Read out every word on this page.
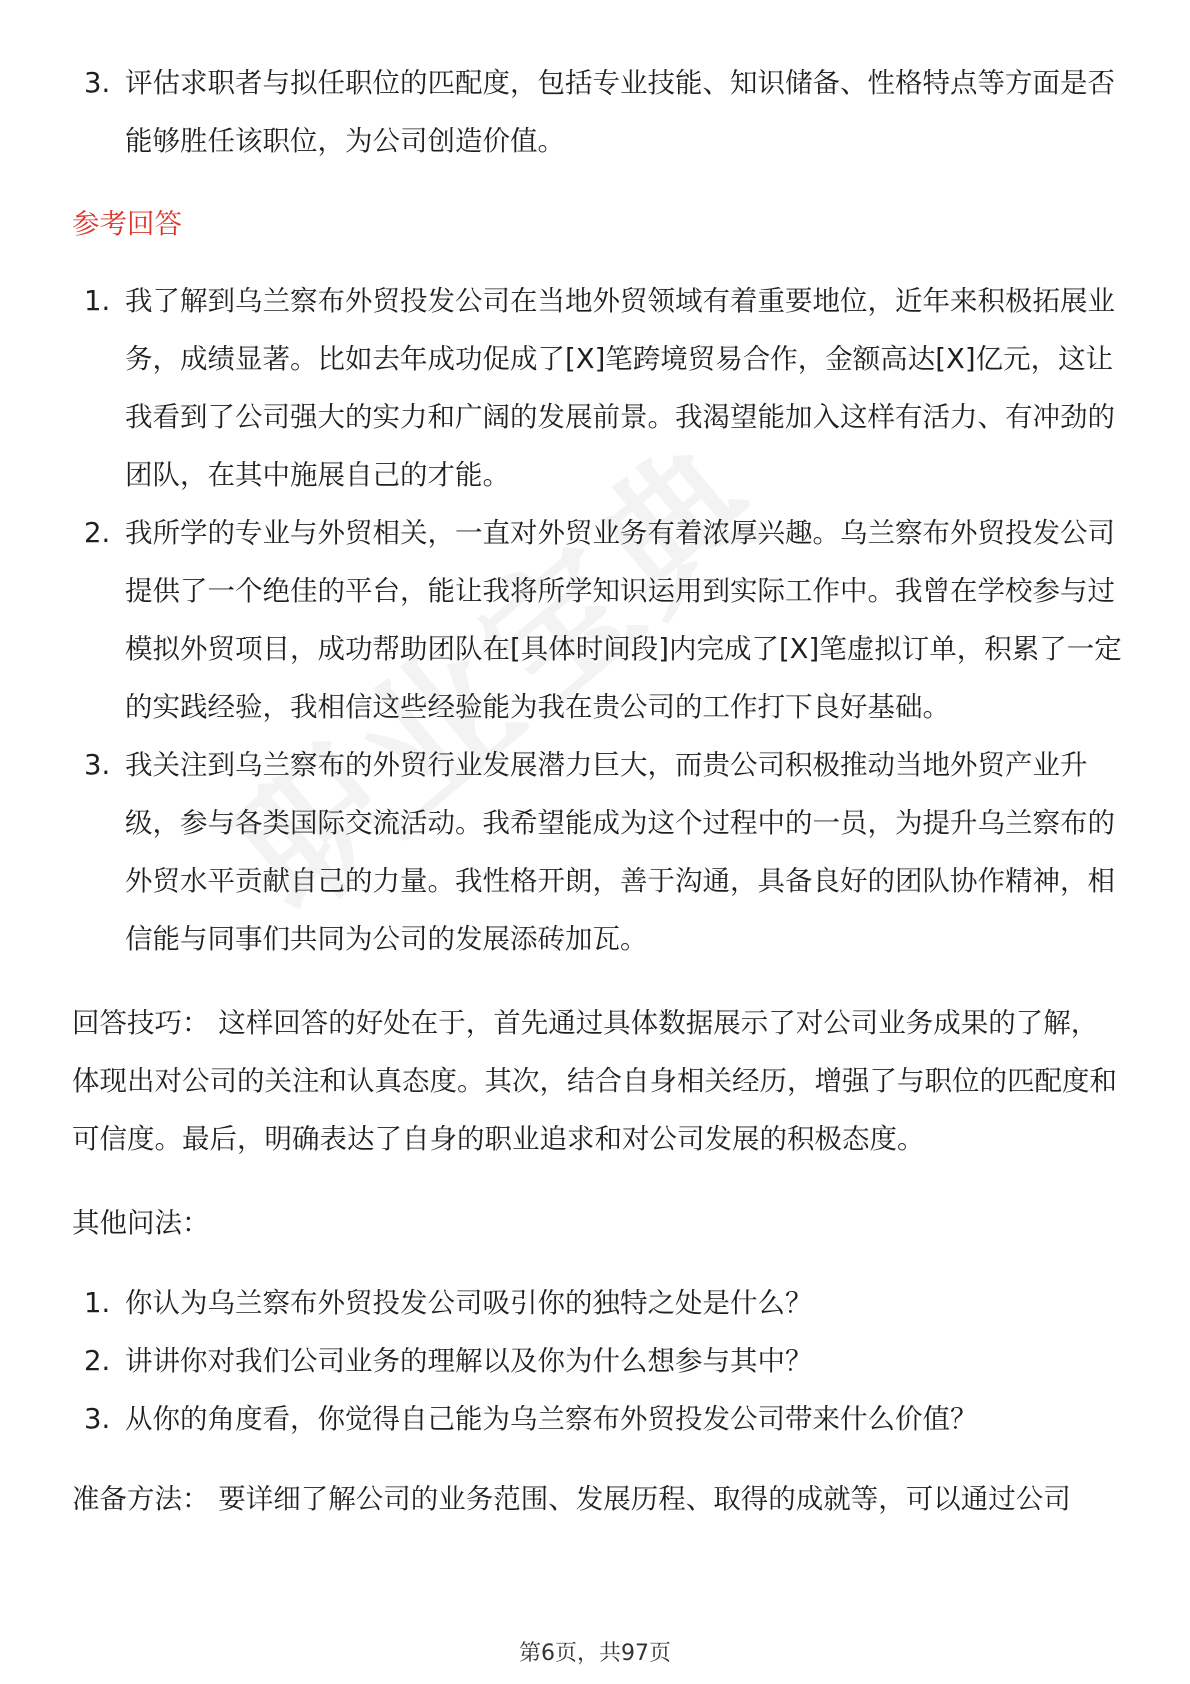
3. 评估求职者与拟任职位的匹配度，包括专业技能、知识储备、性格特点等方面是否能够胜任该职位，为公司创造价值。
参考回答
1. 我了解到乌兰察布外贸投发公司在当地外贸领域有着重要地位，近年来积极拓展业务，成绩显著。比如去年成功促成了[X]笔跨境贸易合作，金额高达[X]亿元，这让我看到了公司强大的实力和广阔的发展前景。我渴望能加入这样有活力、有冲劲的团队，在其中施展自己的才能。
2. 我所学的专业与外贸相关，一直对外贸业务有着浓厚兴趣。乌兰察布外贸投发公司提供了一个绝佳的平台，能让我将所学知识运用到实际工作中。我曾在学校参与过模拟外贸项目，成功帮助团队在[具体时间段]内完成了[X]笔虚拟订单，积累了一定的实践经验，我相信这些经验能为我在贵公司的工作打下良好基础。
3. 我关注到乌兰察布的外贸行业发展潜力巨大，而贵公司积极推动当地外贸产业升级，参与各类国际交流活动。我希望能成为这个过程中的一员，为提升乌兰察布的外贸水平贡献自己的力量。我性格开朗，善于沟通，具备良好的团队协作精神，相信能与同事们共同为公司的发展添砖加瓦。

回答技巧： 这样回答的好处在于，首先通过具体数据展示了对公司业务成果的了解，体现出对公司的关注和认真态度。其次，结合自身相关经历，增强了与职位的匹配度和可信度。最后，明确表达了自身的职业追求和对公司发展的积极态度。

其他问法：

1. 你认为乌兰察布外贸投发公司吸引你的独特之处是什么？
2. 讲讲你对我们公司业务的理解以及你为什么想参与其中？
3. 从你的角度看，你觉得自己能为乌兰察布外贸投发公司带来什么价值？

准备方法： 要详细了解公司的业务范围、发展历程、取得的成就等，可以通过公司

第6页，共97页
